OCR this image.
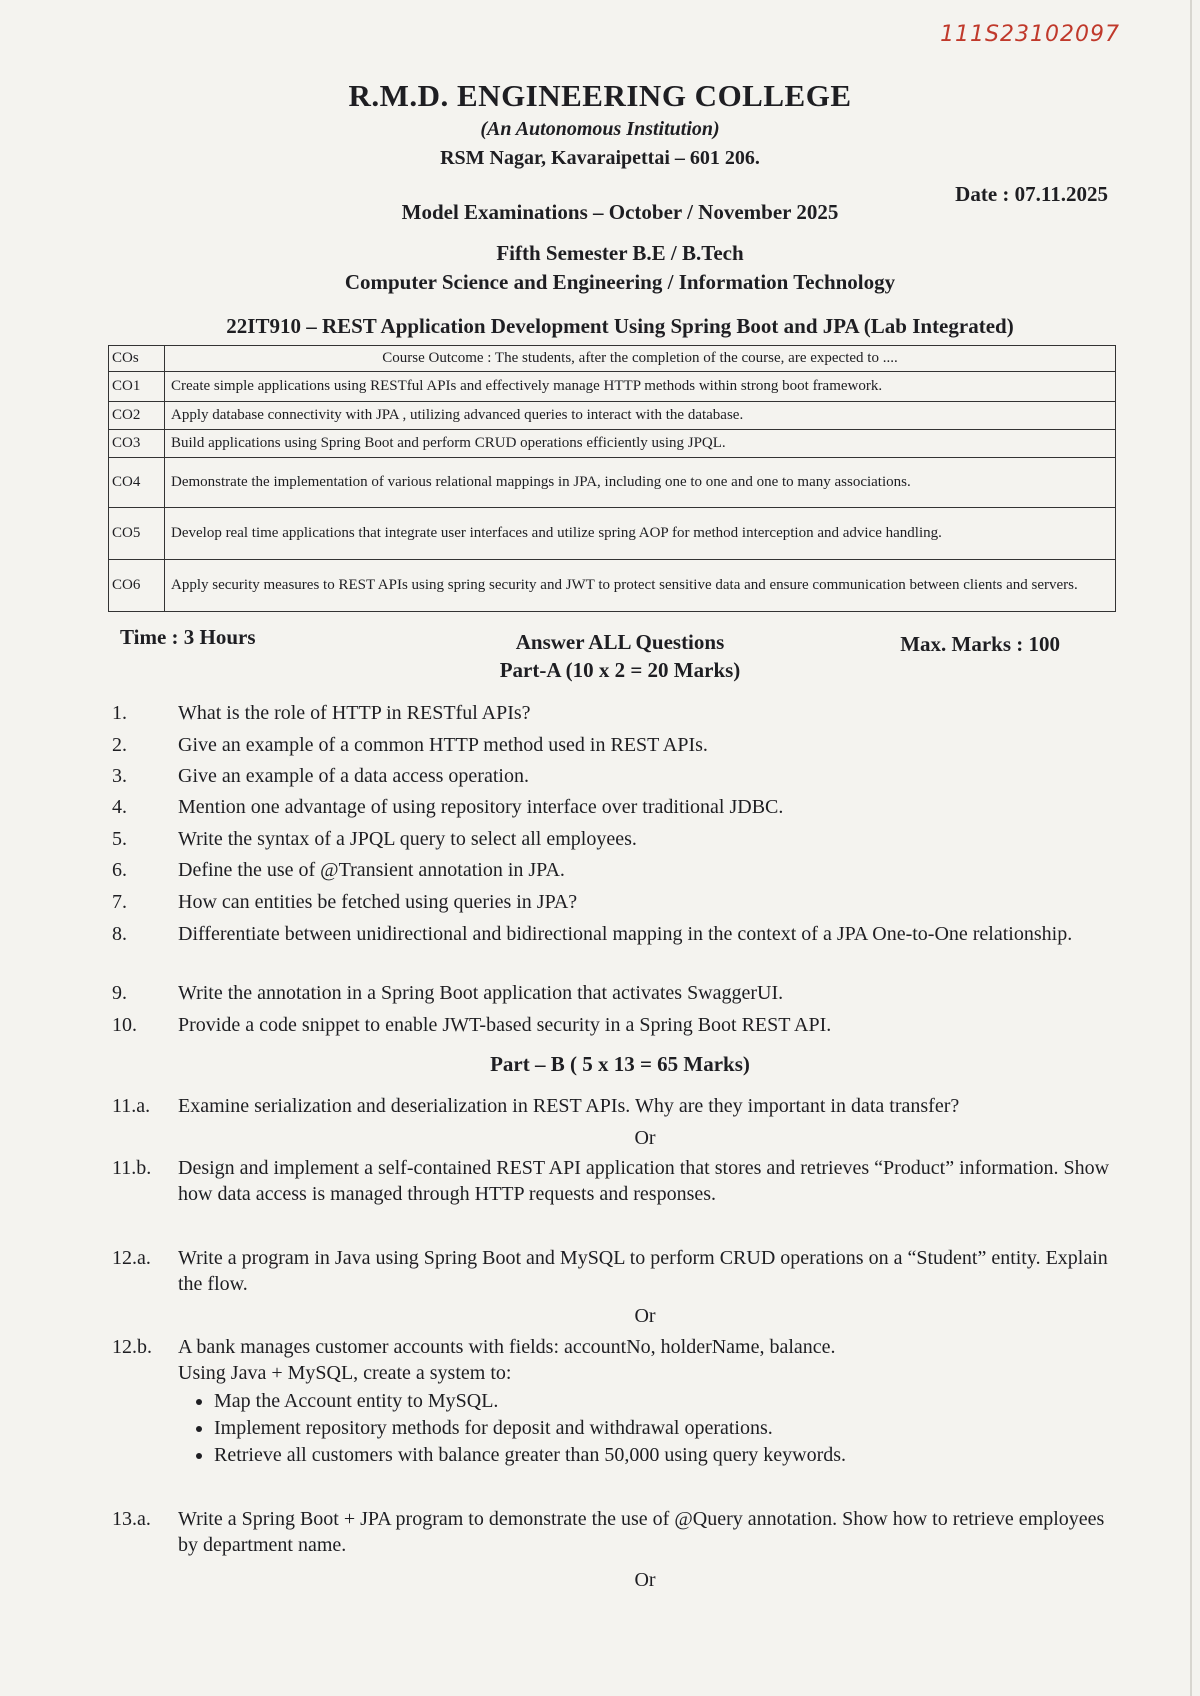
111S23102097
R.M.D. ENGINEERING COLLEGE
(An Autonomous Institution)
RSM Nagar, Kavaraipettai – 601 206.
Date : 07.11.2025
Model Examinations – October / November 2025
Fifth Semester B.E / B.Tech
Computer Science and Engineering / Information Technology
22IT910 – REST Application Development Using Spring Boot and JPA (Lab Integrated)
COs	Course Outcome : The students, after the completion of the course, are expected to ....
CO1	Create simple applications using RESTful APIs and effectively manage HTTP methods within strong boot framework.
CO2	Apply database connectivity with JPA , utilizing advanced queries to interact with the database.
CO3	Build applications using Spring Boot and perform CRUD operations efficiently using JPQL.
CO4	Demonstrate the implementation of various relational mappings in JPA, including one to one and one to many associations.
CO5	Develop real time applications that integrate user interfaces and utilize spring AOP for method interception and advice handling.
CO6	Apply security measures to REST APIs using spring security and JWT to protect sensitive data and ensure communication between clients and servers.
Time : 3 Hours	Answer ALL Questions	Max. Marks : 100
Part-A (10 x 2 = 20 Marks)
1.	What is the role of HTTP in RESTful APIs?
2.	Give an example of a common HTTP method used in REST APIs.
3.	Give an example of a data access operation.
4.	Mention one advantage of using repository interface over traditional JDBC.
5.	Write the syntax of a JPQL query to select all employees.
6.	Define the use of @Transient annotation in JPA.
7.	How can entities be fetched using queries in JPA?
8.	Differentiate between unidirectional and bidirectional mapping in the context of a JPA One-to-One relationship.
9.	Write the annotation in a Spring Boot application that activates SwaggerUI.
10.	Provide a code snippet to enable JWT-based security in a Spring Boot REST API.
Part – B ( 5 x 13 = 65 Marks)
11.a.	Examine serialization and deserialization in REST APIs. Why are they important in data transfer?
Or
11.b.	Design and implement a self-contained REST API application that stores and retrieves “Product” information. Show how data access is managed through HTTP requests and responses.
12.a.	Write a program in Java using Spring Boot and MySQL to perform CRUD operations on a “Student” entity. Explain the flow.
Or
12.b.	A bank manages customer accounts with fields: accountNo, holderName, balance.
Using Java + MySQL, create a system to:
• Map the Account entity to MySQL.
• Implement repository methods for deposit and withdrawal operations.
• Retrieve all customers with balance greater than 50,000 using query keywords.
13.a.	Write a Spring Boot + JPA program to demonstrate the use of @Query annotation. Show how to retrieve employees by department name.
Or
